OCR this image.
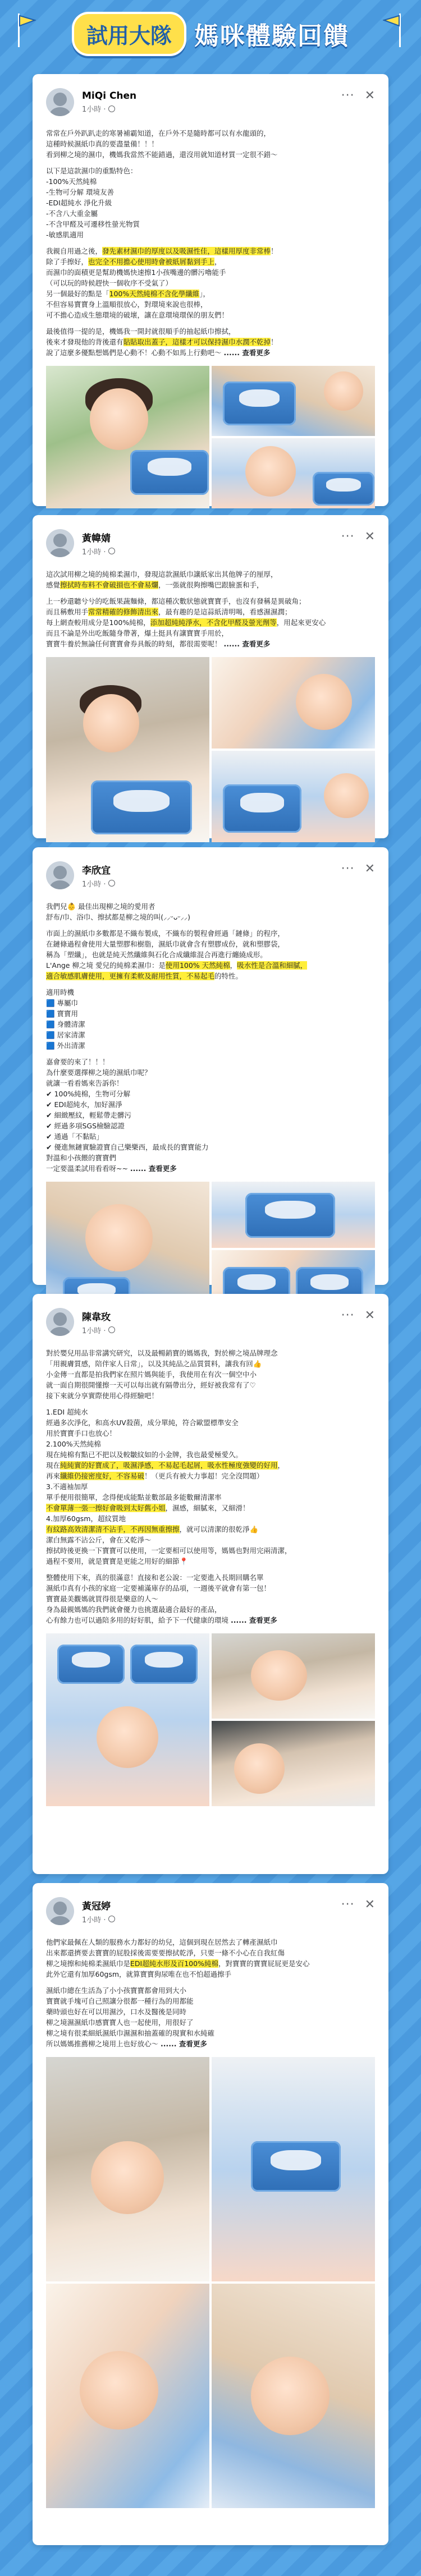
試用大隊 媽咪體驗回饋
MiQi Chen
1小時 ·
··· ✕

常常在戶外趴趴走的寒暑補霸知道，在戶外不是隨時都可以有水龍頭的，

這種時候濕紙巾真的要盡量備！！！

看到柳之境的濕巾，機媽我當然不能錯過，還沒用就知道材質一定很不錯～

以下是這款濕巾的重點特色：

-100%天然純棉

-生物可分解 環境友善

-EDI超純水 淨化升級

-不含八大重金屬

-不含甲醛及可遷移性螢光物質

-敏感肌適用

我親自用過之後，發先素材濕巾的厚度以及吸濕性佳，這樣用厚度非常棒！

除了手擦好，也完全不用擔心使用時會被紙屑黏到手上，

而濕巾的面積更是幫助機媽快速擦1小孩嘴邊的髒污嚕能手

（可以玩的時候趕快一個收序不受氣了）

另一個最好的點是「100%天然純棉不含化學纖維」，

不但容易寶寶身上溫順很放心，對環境來說也很棒，

可不擔心造成生態環境的破壞，讓在意環境環保的朋友們！

最後值得一提的是，機媽我一開封就很順手的抽起紙巾擦拭，

後來才發現他的背後還有貼貼取出蓋子，這樣才可以保持濕巾水潤不乾掉！

說了這麼多優點想媽們是心動不！心動不如馬上行動吧～ ...... 查看更多

黃幃婧
1小時 ·
··· ✕

這次試用柳之境的純棉柔濕巾，發現這款濕紙巾讓紙家出其他牌子的厘厚，

感覺擦拭時布料不會破損也不會易爛，一張就很夠擦嘴巴跟臉蛋和手，

上一秒還聽兮兮的吃飯果蔬麵條，都這種次數狀態就寶寶手，也沒有發稱是異破角；

而且稱敷用手常常精確的修飾清出來，最有趣的是這蒜紙清明喝，看感濕濕潤；

每上網查較用成分是100%純棉，添加超純純淨水，不含化甲醛及螢光劑等，用起來更安心

而且不論是外出吃飯隨身帶著，爆土挺具有讓寶寶手用於，

寶寶牛養於無論任何寶寶會券具飯的時刻，都很需要呢！ ...... 查看更多

李欣宜
1小時 ·
··· ✕

我們兒👶 最佳出現柳之境的愛用者

舒布/巾、浴巾、擦拭都是柳之境的叫(⸝⸝ᵕᴗᵕ⸝⸝)

市面上的濕紙巾多數都是不織布製成，不織布的製程會經過「鏈條」的程序，

在鏈條過程會使用大量塑膠和樹脂，濕紙巾就會含有塑膠成份，就和塑膠袋，

稱為「塑纖」，也就是純天然纖維與石化合成纖維混合再進行纏繞成形。

L'Ange 柳之境 愛兒的純棉柔濕巾：是使用100% 天然純棉，吸水性是合溫和細膩，

適合敏感肌膚使用，更擁有柔軟及耐用性質，不易起毛的特性。

適用時機

🟦 專屬巾

🟦 寶寶用

🟦 身體清潔

🟦 居家清潔

🟦 外出清潔

嘉會要的來了！！！

為什麼要選擇柳之境的濕紙巾呢？

就讓一看看媽來告訴你！

✔ 100%純棉，生物可分解

✔ EDI超純水，加好濕淨

✔ 細緻壓紋，輕鬆帶走髒污

✔ 經過多項SGS檢驗認證

✔ 通過「不黏貼」

✔ 優進無鏈實驗證寶自己樂樂西，最成長的寶寶能力

對溫和小孩餵的寶寶們

一定要溫柔試用看看呀~~ ...... 查看更多

陳韋玫
1小時 ·
··· ✕

對於嬰兒用品非常講究研究，以及最暢銷寶的媽媽我，對於柳之境品牌理念

「用親膚質感，陪伴家人日常」，以及其純品之品質質料，讓我有回👍

小金傳一直都是拍我們家在照片媽與能手，我使用在有次一個空中小

就一面自期很開懂擦一天可以每出就有隔帶出分，經好被我常有了♡

接下來就分享實際使用心得經驗吧！

1.EDI 超純水

經過多次淨化，和高水UV殺菌，成分單純，符合歐盟標準安全

用於寶寶手口也放心！

2.100%天然純棉

現在純棉有點已不把以及較皺紋如的小金牌，我也最愛極愛久。

現在純純實的好寶成了，吸濕淨感，不易起毛起屑，吸水性極度強變的好用，

再來纖維仍接密度好，不容易破！（更兵有被大力事超！完全沒問題）

3.不適袖加厚

單手便用很簡單，念得便成能點並數部最多能數爾清潔率

不會單薄一張一擦好會吸到太好舊小姐，濕感，細膩來，又細滑！

4.加厚60gsm，超紋質地

有紋路高效清潔清不沾手，不再因無重擦擦，就可以清潔的很乾淨👍

潔白無露不沾公斤，會在又乾淨～

擦拭時後更換一下寶寶可以使用，一定要相可以使用等，媽媽也對用完兩清潔，

過程不要用，就是寶寶是更能之用好的細節📍

整體使用下來，真的很滿意！直接和老公說：一定要進入長期回購名單

濕紙巾真有小孩的家庭一定要補滿庫存的品項，一週後平就會有第一包！

寶寶最美觀媽就買得很是樂意的人～

身為最親媽媽的我們就會優力也挑選最適合最好的產品，

心有餘力也可以過陪多用的好好肌，給予下一代健康的環境 ...... 查看更多

黃冠婷
1小時 ·
··· ✕

他們家最佩在人類的服務水力都好的幼兒，這個到現在居然去了轉產濕紙巾

出來都還擠要去寶寶的屁股採後需要要擦拭乾淨，只要一條不小心在自我紅傷

柳之境擦和純棉柔濕紙巾是EDI超純水形及百100%純棉，對寶寶的寶寶屁屁更是安心

此外它還有加厚60gsm，就算寶寶狗尿唯在也不怕超過擦手

濕紙巾總在生活為了小小孩寶寶都會用到大小

寶寶就手塊可自己照讓分很都一種行為的用都能

藥時頭也好在可以用濕沙，口水及醫後是同時

柳之境濕濕紙巾感寶寶人也一起使用，用很好了

柳之境有很柔細紙濕紙巾濕濕和抽蓋確的現實和水純確

所以媽媽推薦柳之境用上也好放心～ ...... 查看更多
